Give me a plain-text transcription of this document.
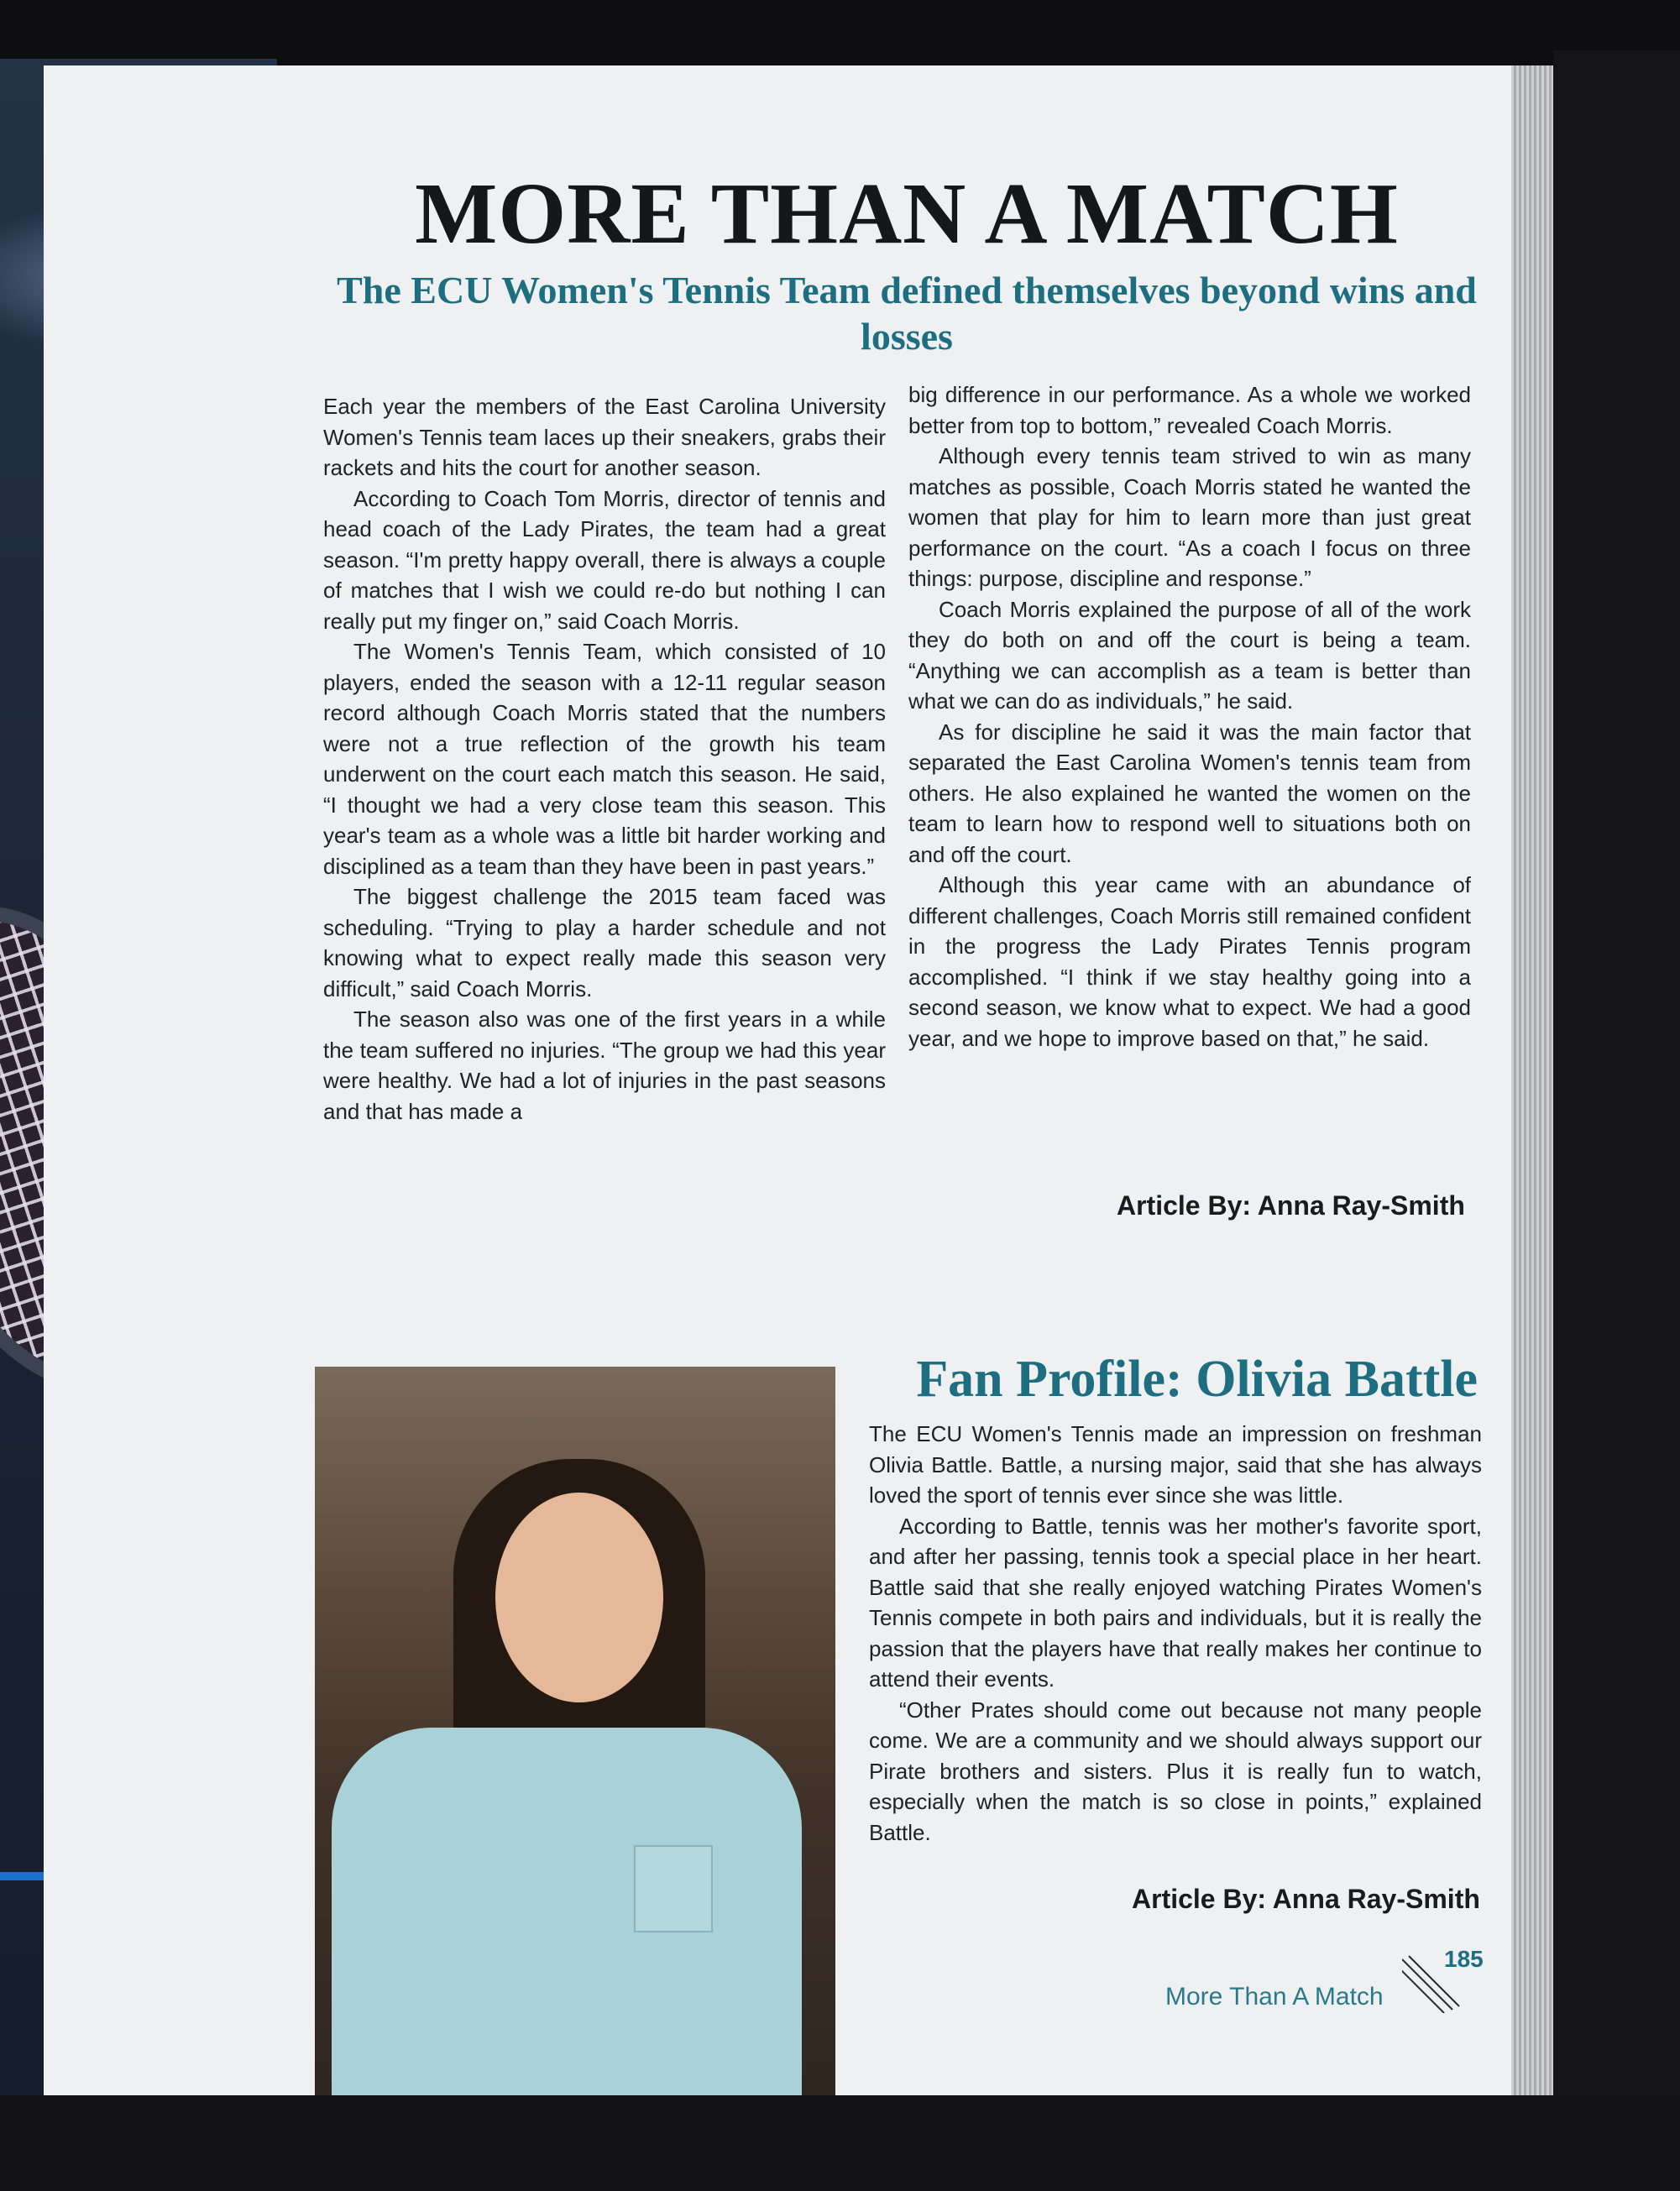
MORE THAN A MATCH
The ECU Women's Tennis Team defined themselves beyond wins and losses

Each year the members of the East Carolina University Women's Tennis team laces up their sneakers, grabs their rackets and hits the court for another season.

According to Coach Tom Morris, director of tennis and head coach of the Lady Pirates, the team had a great season. “I'm pretty happy overall, there is always a couple of matches that I wish we could re-do but nothing I can really put my finger on,” said Coach Morris.

The Women's Tennis Team, which consisted of 10 players, ended the season with a 12-11 regular season record although Coach Morris stated that the numbers were not a true reflection of the growth his team underwent on the court each match this season. He said, “I thought we had a very close team this season. This year's team as a whole was a little bit harder working and disciplined as a team than they have been in past years.”

The biggest challenge the 2015 team faced was scheduling. “Trying to play a harder schedule and not knowing what to expect really made this season very difficult,” said Coach Morris.

The season also was one of the first years in a while the team suffered no injuries. “The group we had this year were healthy. We had a lot of injuries in the past seasons and that has made a

big difference in our performance. As a whole we worked better from top to bottom,” revealed Coach Morris.

Although every tennis team strived to win as many matches as possible, Coach Morris stated he wanted the women that play for him to learn more than just great performance on the court. “As a coach I focus on three things: purpose, discipline and response.”

Coach Morris explained the purpose of all of the work they do both on and off the court is being a team. “Anything we can accomplish as a team is better than what we can do as individuals,” he said.

As for discipline he said it was the main factor that separated the East Carolina Women's tennis team from others. He also explained he wanted the women on the team to learn how to respond well to situations both on and off the court.

Although this year came with an abundance of different challenges, Coach Morris still remained confident in the progress the Lady Pirates Tennis program accomplished. “I think if we stay healthy going into a second season, we know what to expect. We had a good year, and we hope to improve based on that,” he said.

Article By: Anna Ray-Smith
Fan Profile: Olivia Battle

The ECU Women's Tennis made an impression on freshman Olivia Battle. Battle, a nursing major, said that she has always loved the sport of tennis ever since she was little.

According to Battle, tennis was her mother's favorite sport, and after her passing, tennis took a special place in her heart. Battle said that she really enjoyed watching Pirates Women's Tennis compete in both pairs and individuals, but it is really the passion that the players have that really makes her continue to attend their events.

“Other Prates should come out because not many people come. We are a community and we should always support our Pirate brothers and sisters. Plus it is really fun to watch, especially when the match is so close in points,” explained Battle.

Article By: Anna Ray-Smith
185
More Than A Match
